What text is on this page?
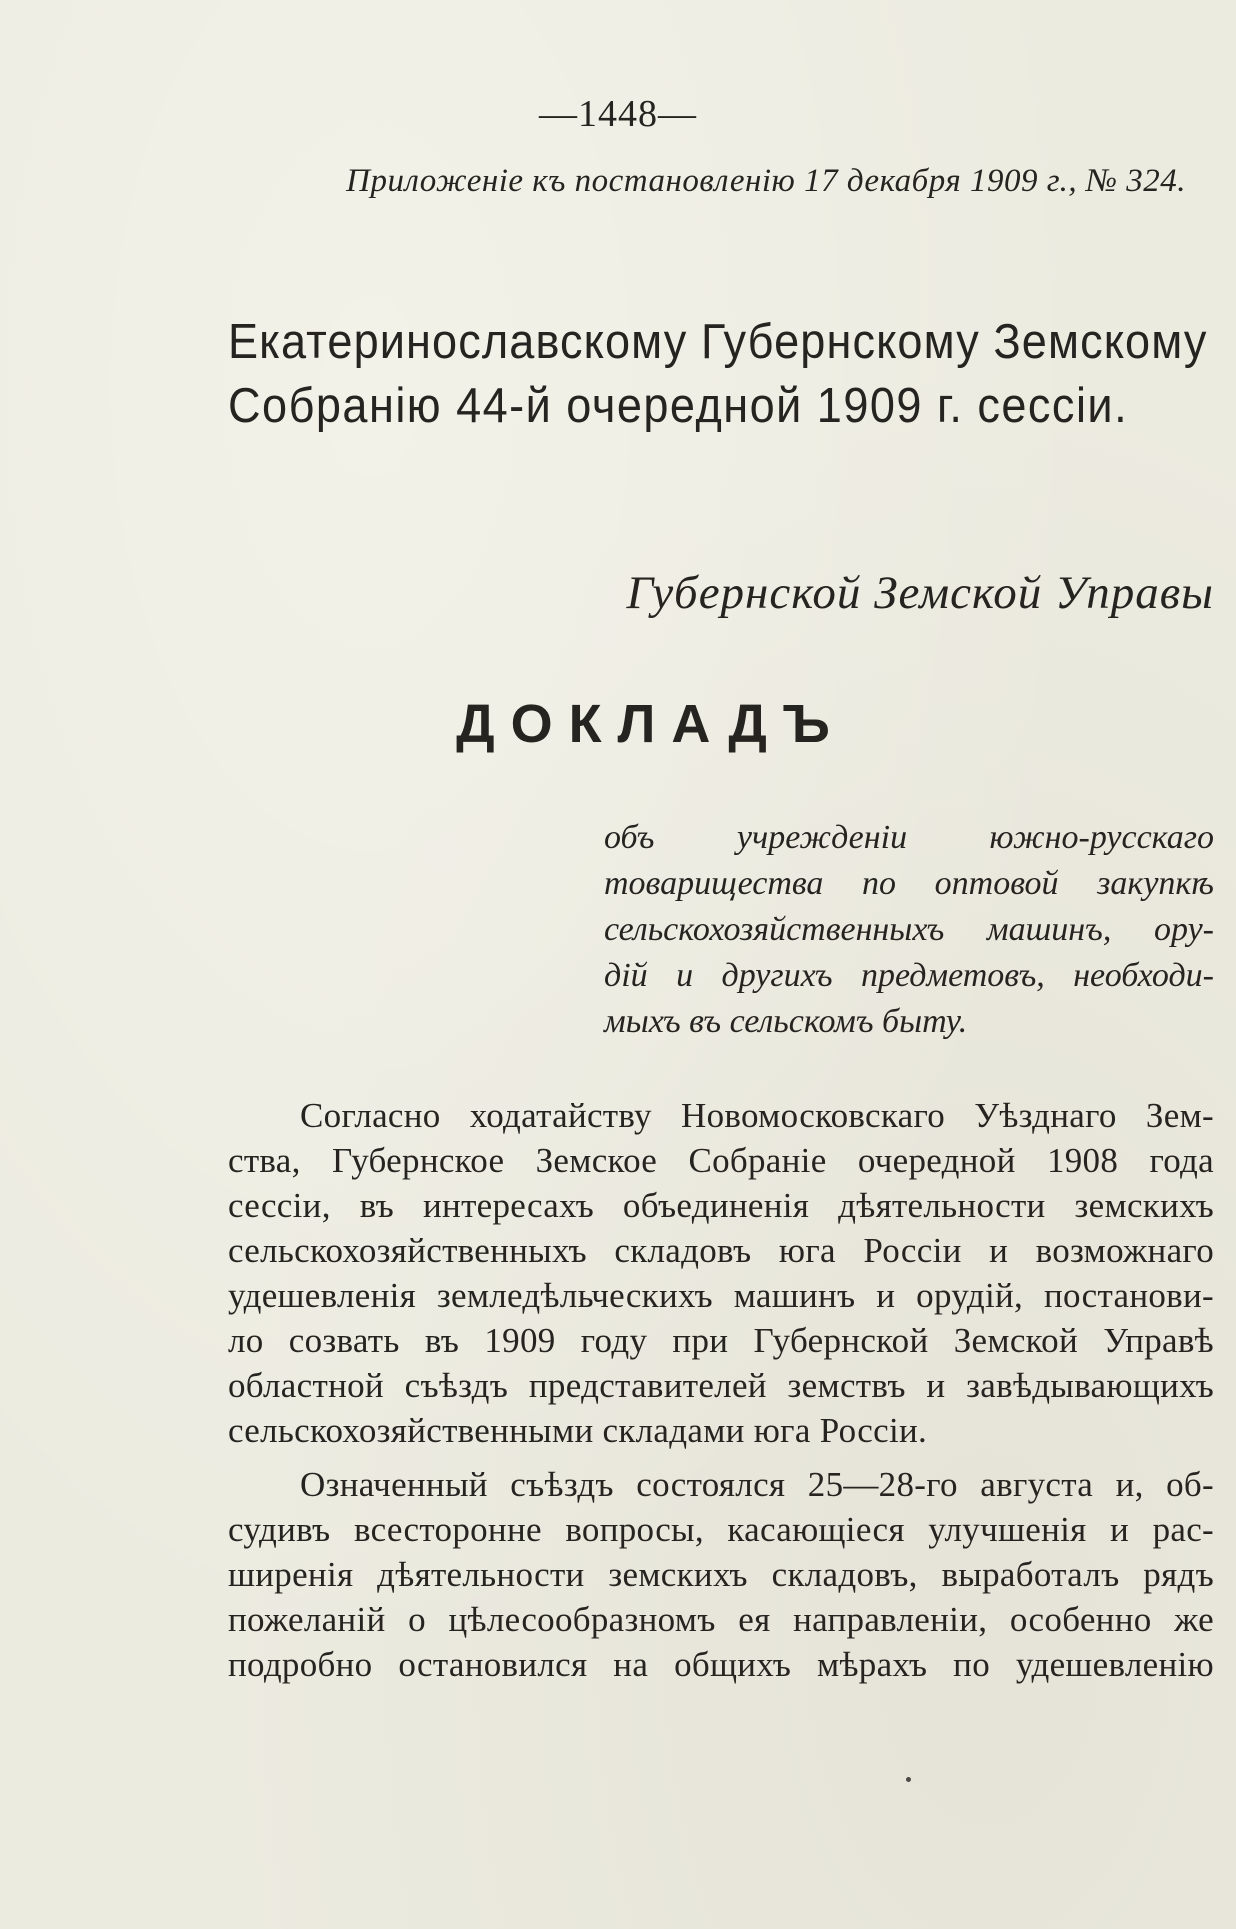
—1448—
Приложеніе къ постановленію 17 декабря 1909 г., № 324.
Екатеринославскому Губернскому Земскому
Собранію 44-й очередной 1909 г. сессіи.
Губернской Земской Управы
ДОКЛАДЪ
объ учрежденіи южно-русскаго
товарищества по оптовой закупкѣ
сельскохозяйственныхъ машинъ, ору-
дій и другихъ предметовъ, необходи-
мыхъ въ сельскомъ быту.
Согласно ходатайству Новомосковскаго Уѣзднаго Зем-
ства, Губернское Земское Собраніе очередной 1908 года
сессіи, въ интересахъ объединенія дѣятельности земскихъ
сельскохозяйственныхъ складовъ юга Россіи и возможнаго
удешевленія земледѣльческихъ машинъ и орудій, постанови-
ло созвать въ 1909 году при Губернской Земской Управѣ
областной съѣздъ представителей земствъ и завѣдывающихъ
сельскохозяйственными складами юга Россіи.
Означенный съѣздъ состоялся 25—28-го августа и, об-
судивъ всесторонне вопросы, касающіеся улучшенія и рас-
ширенія дѣятельности земскихъ складовъ, выработалъ рядъ
пожеланій о цѣлесообразномъ ея направленіи, особенно же
подробно остановился на общихъ мѣрахъ по удешевленію
